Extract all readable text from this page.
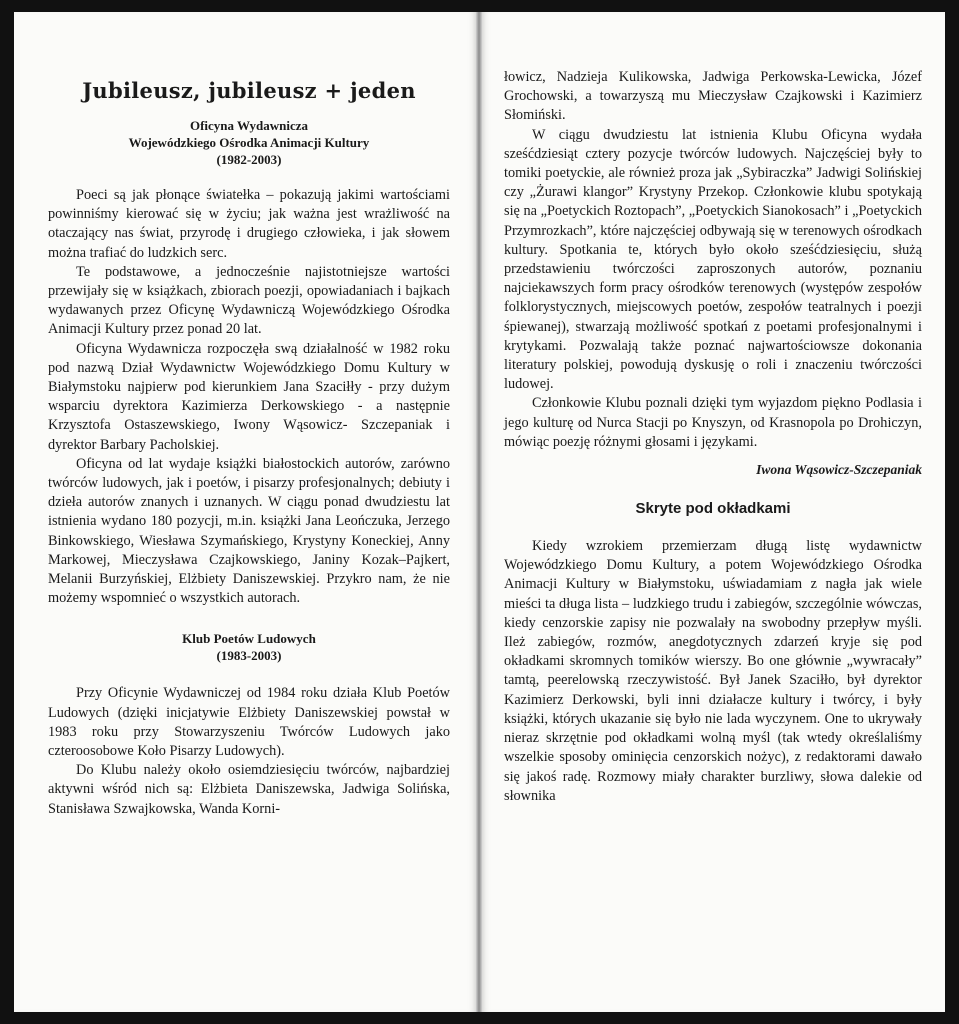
Jubileusz, jubileusz + jeden
Oficyna Wydawnicza
Wojewódzkiego Ośrodka Animacji Kultury
(1982-2003)

Poeci są jak płonące światełka – pokazują jakimi wartościami powinniśmy kierować się w życiu; jak ważna jest wrażliwość na otaczający nas świat, przyrodę i drugiego człowieka, i jak słowem można trafiać do ludzkich serc.

Te podstawowe, a jednocześnie najistotniejsze wartości przewijały się w książkach, zbiorach poezji, opowiadaniach i bajkach wydawanych przez Oficynę Wydawniczą Wojewódzkiego Ośrodka Animacji Kultury przez ponad 20 lat.

Oficyna Wydawnicza rozpoczęła swą działalność w 1982 roku pod nazwą Dział Wydawnictw Wojewódzkiego Domu Kultury w Białymstoku najpierw pod kierunkiem Jana Szaciłły - przy dużym wsparciu dyrektora Kazimierza Derkowskiego - a następnie Krzysztofa Ostaszewskiego, Iwony Wąsowicz- Szczepaniak i dyrektor Barbary Pacholskiej.

Oficyna od lat wydaje książki białostockich autorów, zarówno twórców ludowych, jak i poetów, i pisarzy profesjonalnych; debiuty i dzieła autorów znanych i uznanych. W ciągu ponad dwudziestu lat istnienia wydano 180 pozycji, m.in. książki Jana Leończuka, Jerzego Binkowskiego, Wiesława Szymańskiego, Krystyny Koneckiej, Anny Markowej, Mieczysława Czajkowskiego, Janiny Kozak–Pajkert, Melanii Burzyńskiej, Elżbiety Daniszewskiej. Przykro nam, że nie możemy wspomnieć o wszystkich autorach.

Klub Poetów Ludowych
(1983-2003)

Przy Oficynie Wydawniczej od 1984 roku działa Klub Poetów Ludowych (dzięki inicjatywie Elżbiety Daniszewskiej powstał w 1983 roku przy Stowarzyszeniu Twórców Ludowych jako czteroosobowe Koło Pisarzy Ludowych).

Do Klubu należy około osiemdziesięciu twórców, najbardziej aktywni wśród nich są: Elżbieta Daniszewska, Jadwiga Solińska, Stanisława Szwajkowska, Wanda Korni-

łowicz, Nadzieja Kulikowska, Jadwiga Perkowska-Lewicka, Józef Grochowski, a towarzyszą mu Mieczysław Czajkowski i Kazimierz Słomiński.

W ciągu dwudziestu lat istnienia Klubu Oficyna wydała sześćdziesiąt cztery pozycje twórców ludowych. Najczęściej były to tomiki poetyckie, ale również proza jak „Sybiraczka” Jadwigi Solińskiej czy „Żurawi klangor” Krystyny Przekop. Członkowie klubu spotykają się na „Poetyckich Roztopach”, „Poetyckich Sianokosach” i „Poetyckich Przymrozkach”, które najczęściej odbywają się w terenowych ośrodkach kultury. Spotkania te, których było około sześćdziesięciu, służą przedstawieniu twórczości zaproszonych autorów, poznaniu najciekawszych form pracy ośrodków terenowych (występów zespołów folklorystycznych, miejscowych poetów, zespołów teatralnych i poezji śpiewanej), stwarzają możliwość spotkań z poetami profesjonalnymi i krytykami. Pozwalają także poznać najwartościowsze dokonania literatury polskiej, powodują dyskusję o roli i znaczeniu twórczości ludowej.

Członkowie Klubu poznali dzięki tym wyjazdom piękno Podlasia i jego kulturę od Nurca Stacji po Knyszyn, od Krasnopola po Drohiczyn, mówiąc poezję różnymi głosami i językami.

Iwona Wąsowicz-Szczepaniak
Skryte pod okładkami

Kiedy wzrokiem przemierzam długą listę wydawnictw Wojewódzkiego Domu Kultury, a potem Wojewódzkiego Ośrodka Animacji Kultury w Białymstoku, uświadamiam z nagła jak wiele mieści ta długa lista – ludzkiego trudu i zabiegów, szczególnie wówczas, kiedy cenzorskie zapisy nie pozwalały na swobodny przepływ myśli. Ileż zabiegów, rozmów, anegdotycznych zdarzeń kryje się pod okładkami skromnych tomików wierszy. Bo one głównie „wywracały” tamtą, peerelowską rzeczywistość. Był Janek Szaciłło, był dyrektor Kazimierz Derkowski, byli inni działacze kultury i twórcy, i były książki, których ukazanie się było nie lada wyczynem. One to ukrywały nieraz skrzętnie pod okładkami wolną myśl (tak wtedy określaliśmy wszelkie sposoby ominięcia cenzorskich nożyc), z redaktorami dawało się jakoś radę. Rozmowy miały charakter burzliwy, słowa dalekie od słownika
